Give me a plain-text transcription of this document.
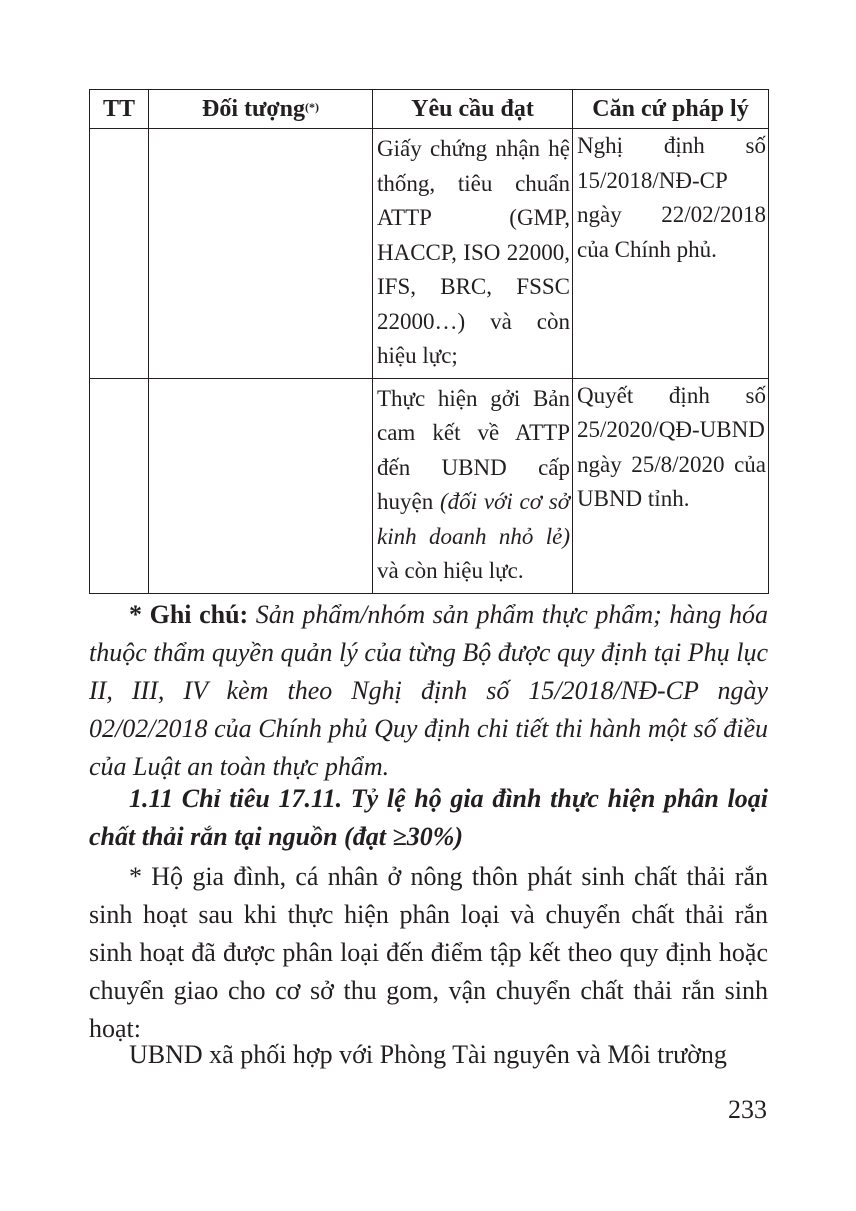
TT	Đối tượng(*)	Yêu cầu đạt	Căn cứ pháp lý
		Giấy chứng nhận hệ thống, tiêu chuẩn ATTP (GMP, HACCP, ISO 22000, IFS, BRC, FSSC 22000…) và còn hiệu lực;	Nghị định số 15/2018/NĐ-CP ngày 22/02/2018 của Chính phủ.
		Thực hiện gởi Bản cam kết về ATTP đến UBND cấp huyện (đối với cơ sở kinh doanh nhỏ lẻ) và còn hiệu lực.	Quyết định số 25/2020/QĐ-UBND ngày 25/8/2020 của UBND tỉnh.

* Ghi chú: Sản phẩm/nhóm sản phẩm thực phẩm; hàng hóa thuộc thẩm quyền quản lý của từng Bộ được quy định tại Phụ lục II, III, IV kèm theo Nghị định số 15/2018/NĐ-CP ngày 02/02/2018 của Chính phủ Quy định chi tiết thi hành một số điều của Luật an toàn thực phẩm.

1.11 Chỉ tiêu 17.11. Tỷ lệ hộ gia đình thực hiện phân loại chất thải rắn tại nguồn (đạt ≥30%)

* Hộ gia đình, cá nhân ở nông thôn phát sinh chất thải rắn sinh hoạt sau khi thực hiện phân loại và chuyển chất thải rắn sinh hoạt đã được phân loại đến điểm tập kết theo quy định hoặc chuyển giao cho cơ sở thu gom, vận chuyển chất thải rắn sinh hoạt:

UBND xã phối hợp với Phòng Tài nguyên và Môi trường

233
